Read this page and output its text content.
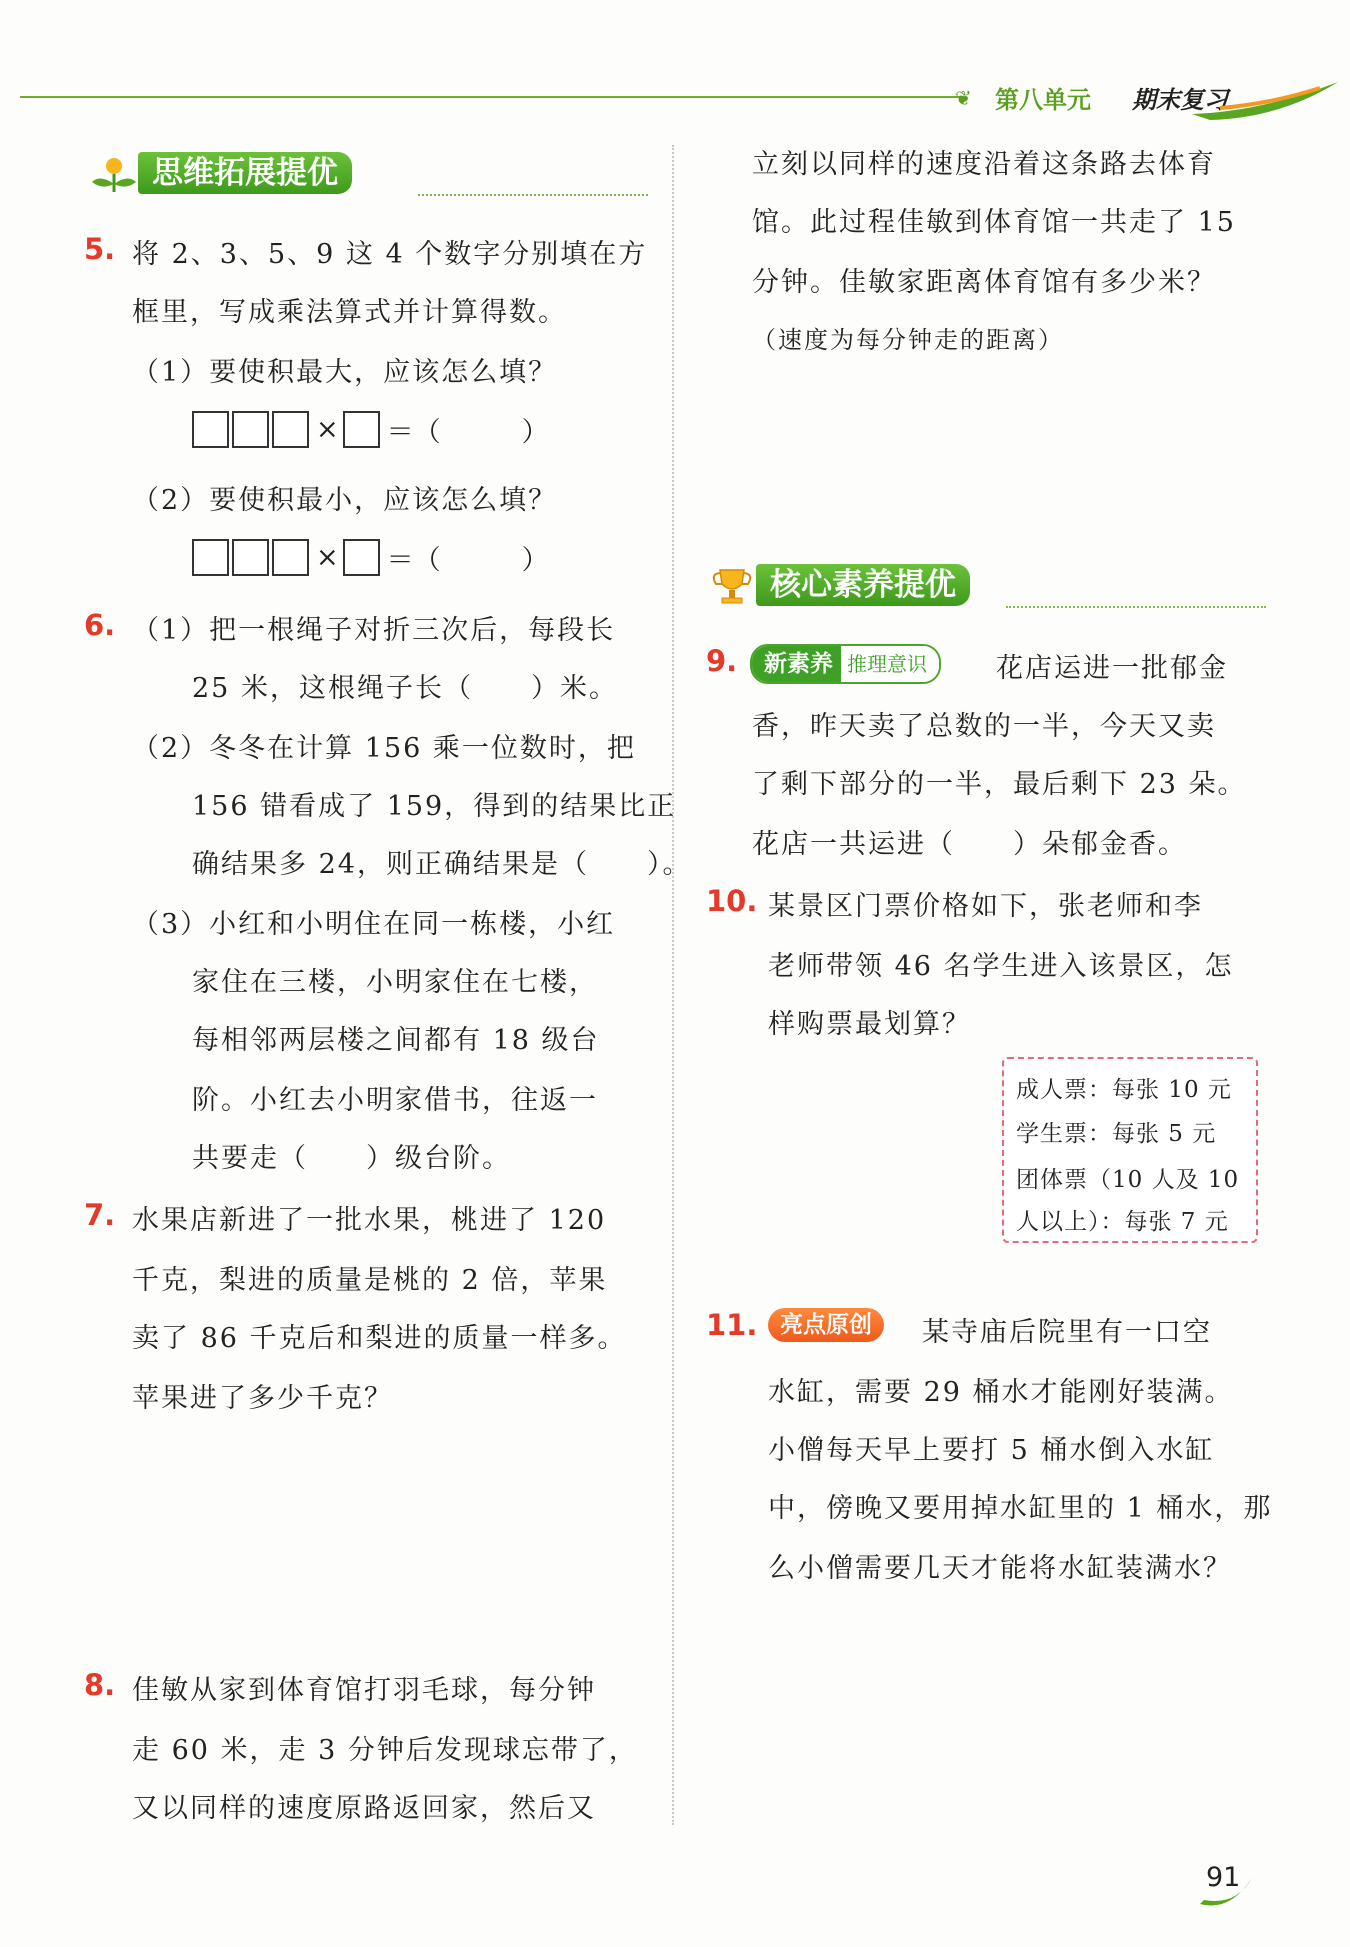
❦ 第八单元 期末复习
思维拓展提优
5. 将 2、3、5、9 这 4 个数字分别填在方
框里，写成乘法算式并计算得数。
（1）要使积最大，应该怎么填？
× ＝（　　　）
（2）要使积最小，应该怎么填？
× ＝（　　　）
6. （1）把一根绳子对折三次后，每段长
25 米，这根绳子长（　　）米。
（2）冬冬在计算 156 乘一位数时，把
156 错看成了 159，得到的结果比正
确结果多 24，则正确结果是（　　）。
（3）小红和小明住在同一栋楼，小红
家住在三楼，小明家住在七楼，
每相邻两层楼之间都有 18 级台
阶。小红去小明家借书，往返一
共要走（　　）级台阶。
7. 水果店新进了一批水果，桃进了 120
千克，梨进的质量是桃的 2 倍，苹果
卖了 86 千克后和梨进的质量一样多。
苹果进了多少千克？
8. 佳敏从家到体育馆打羽毛球，每分钟
走 60 米，走 3 分钟后发现球忘带了，
又以同样的速度原路返回家，然后又
立刻以同样的速度沿着这条路去体育
馆。此过程佳敏到体育馆一共走了 15
分钟。佳敏家距离体育馆有多少米？
（速度为每分钟走的距离）
核心素养提优
9.	新素养 推理意识	花店运进一批郁金
香，昨天卖了总数的一半，今天又卖
了剩下部分的一半，最后剩下 23 朵。
花店一共运进（　　）朵郁金香。
10. 某景区门票价格如下，张老师和李
老师带领 46 名学生进入该景区，怎
样购票最划算？
成人票：每张 10 元
学生票：每张 5 元
团体票（10 人及 10
人以上）：每张 7 元
11. 亮点原创	某寺庙后院里有一口空
水缸，需要 29 桶水才能刚好装满。
小僧每天早上要打 5 桶水倒入水缸
中，傍晚又要用掉水缸里的 1 桶水，那
么小僧需要几天才能将水缸装满水？
91
